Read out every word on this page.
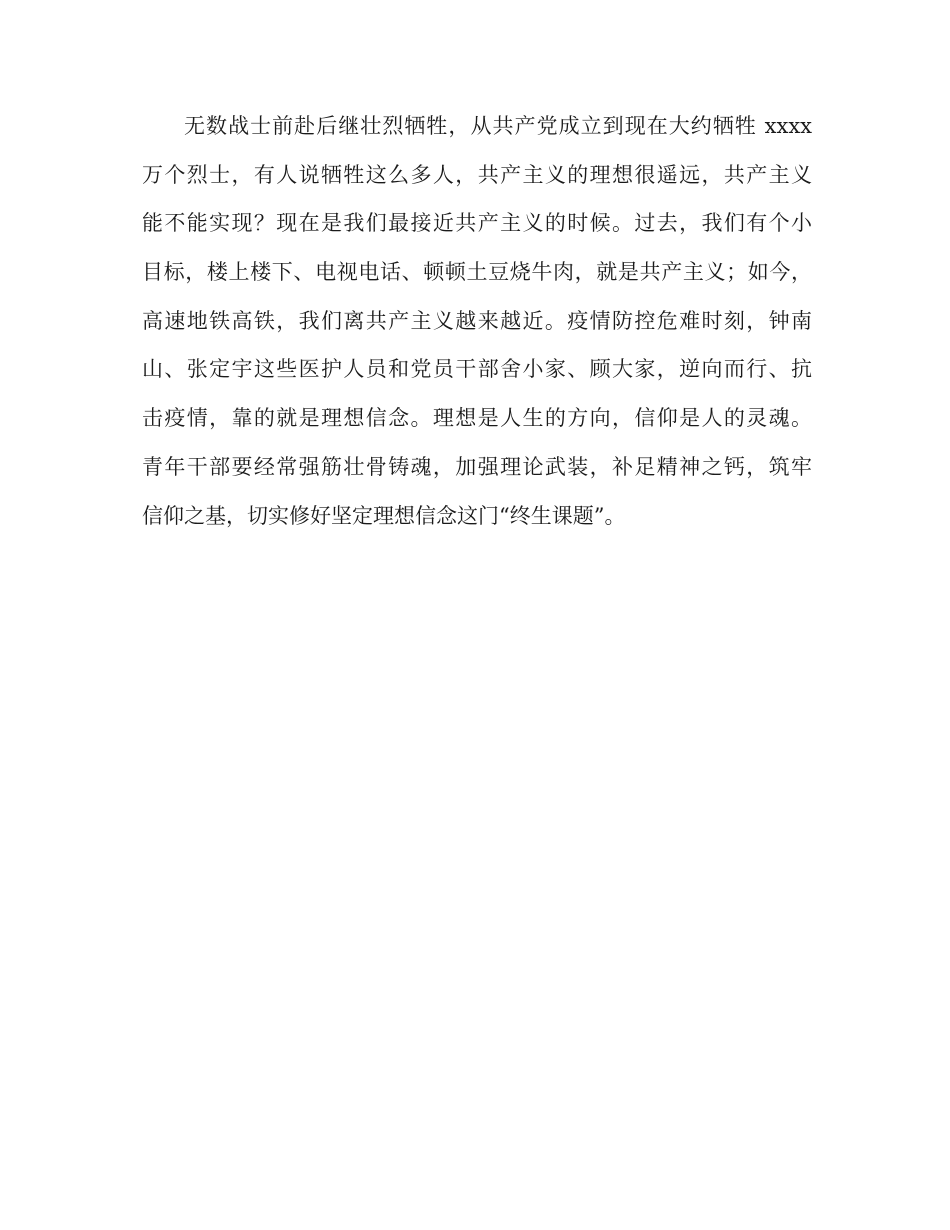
无数战士前赴后继壮烈牺牲，从共产党成立到现在大约牺牲 xxxx
万个烈士，有人说牺牲这么多人，共产主义的理想很遥远，共产主义
能不能实现？现在是我们最接近共产主义的时候。过去，我们有个小
目标，楼上楼下、电视电话、顿顿土豆烧牛肉，就是共产主义；如今，
高速地铁高铁，我们离共产主义越来越近。疫情防控危难时刻，钟南
山、张定宇这些医护人员和党员干部舍小家、顾大家，逆向而行、抗
击疫情，靠的就是理想信念。理想是人生的方向，信仰是人的灵魂。
青年干部要经常强筋壮骨铸魂，加强理论武装，补足精神之钙，筑牢
信仰之基，切实修好坚定理想信念这门“终生课题”。
